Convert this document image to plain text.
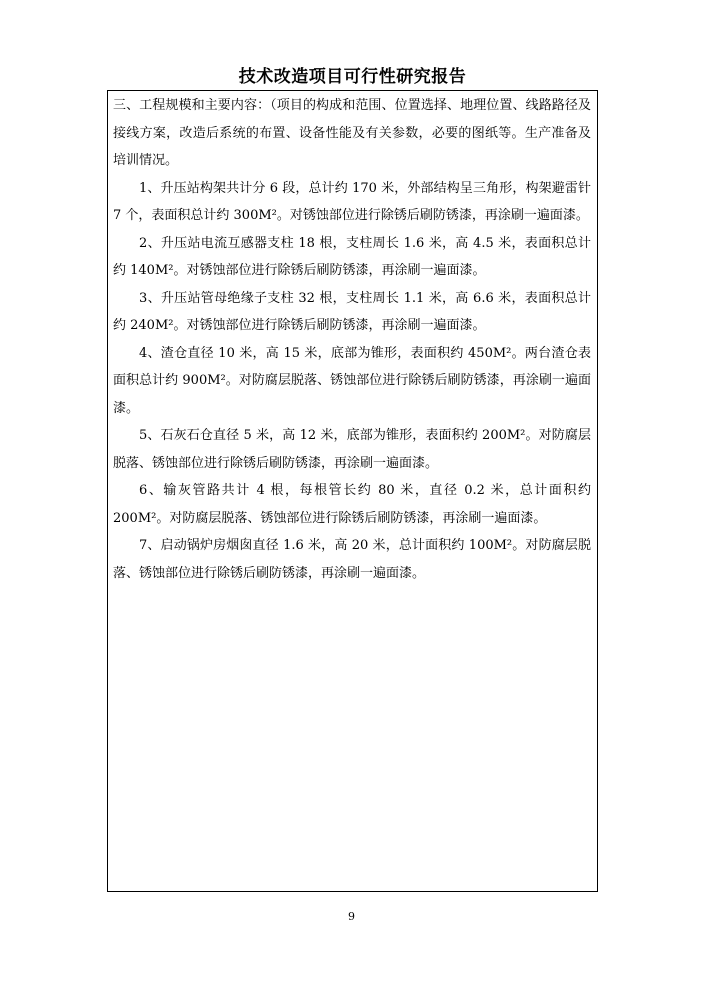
技术改造项目可行性研究报告

三、工程规模和主要内容：（项目的构成和范围、位置选择、地理位置、线路路径及接线方案，改造后系统的布置、设备性能及有关参数，必要的图纸等。生产准备及培训情况。

1、升压站构架共计分 6 段，总计约 170 米，外部结构呈三角形，构架避雷针 7 个，表面积总计约 300M²。对锈蚀部位进行除锈后刷防锈漆，再涂刷一遍面漆。

2、升压站电流互感器支柱 18 根，支柱周长 1.6 米，高 4.5 米，表面积总计约 140M²。对锈蚀部位进行除锈后刷防锈漆，再涂刷一遍面漆。

3、升压站管母绝缘子支柱 32 根，支柱周长 1.1 米，高 6.6 米，表面积总计约 240M²。对锈蚀部位进行除锈后刷防锈漆，再涂刷一遍面漆。

4、渣仓直径 10 米，高 15 米，底部为锥形，表面积约 450M²。两台渣仓表面积总计约 900M²。对防腐层脱落、锈蚀部位进行除锈后刷防锈漆，再涂刷一遍面漆。

5、石灰石仓直径 5 米，高 12 米，底部为锥形，表面积约 200M²。对防腐层脱落、锈蚀部位进行除锈后刷防锈漆，再涂刷一遍面漆。

6、输灰管路共计 4 根，每根管长约 80 米，直径 0.2 米，总计面积约 200M²。对防腐层脱落、锈蚀部位进行除锈后刷防锈漆，再涂刷一遍面漆。

7、启动锅炉房烟囱直径 1.6 米，高 20 米，总计面积约 100M²。对防腐层脱落、锈蚀部位进行除锈后刷防锈漆，再涂刷一遍面漆。

9
